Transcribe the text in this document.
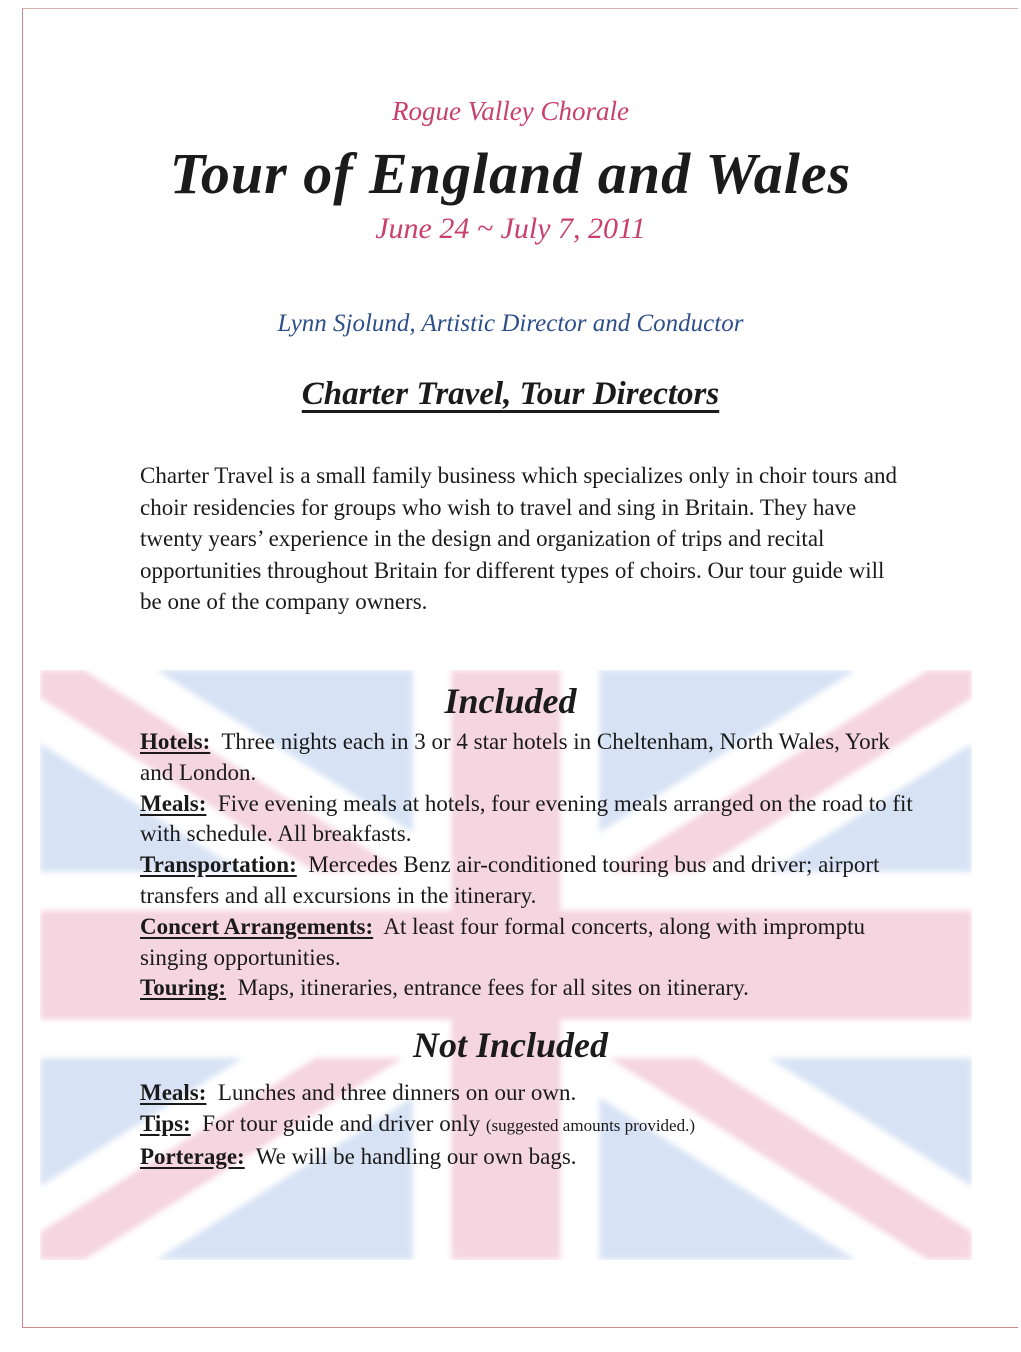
Rogue Valley Chorale
Tour of England and Wales
June 24 ~ July 7, 2011
Lynn Sjolund, Artistic Director and Conductor
Charter Travel, Tour Directors
Charter Travel is a small family business which specializes only in choir tours and choir residencies for groups who wish to travel and sing in Britain. They have twenty years’ experience in the design and organization of trips and recital opportunities throughout Britain for different types of choirs. Our tour guide will be one of the company owners.
Included
Hotels: Three nights each in 3 or 4 star hotels in Cheltenham, North Wales, York and London.
Meals: Five evening meals at hotels, four evening meals arranged on the road to fit with schedule. All breakfasts.
Transportation: Mercedes Benz air-conditioned touring bus and driver; airport transfers and all excursions in the itinerary.
Concert Arrangements: At least four formal concerts, along with impromptu singing opportunities.
Touring: Maps, itineraries, entrance fees for all sites on itinerary.
Not Included
Meals: Lunches and three dinners on our own.
Tips: For tour guide and driver only (suggested amounts provided.)
Porterage: We will be handling our own bags.
